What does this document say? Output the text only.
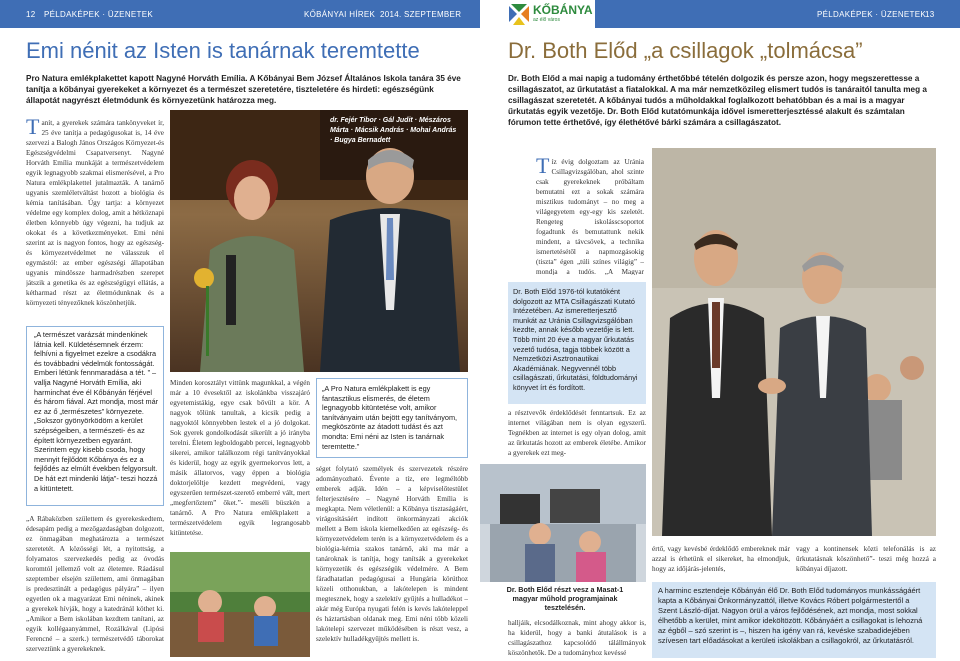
12 PÉLDAKÉPEK · ÜZENETEK	KŐBÁNYAI HÍREK 2014. SZEPTEMBER	KŐBÁNYA
az élő város
PÉLDAKÉPEK · ÜZENETEK 13
Emi nénit az Isten is tanárnak teremtette
Pro Natura emlékplakettet kapott Nagyné Horváth Emília. A Kőbányai Bem József Általános Iskola tanára 35 éve tanítja a kőbányai gyerekeket a környezet és a természet szeretetére, tiszteletére és hirdeti: egészségünk állapotát nagyrészt életmódunk és környezetünk határozza meg.
Tanít, a gyerekek számára tankönyveket ír, 25 éve tanítja a pedagógusokat is, 14 éve szervezi a Balogh János Országos Környezet-és Egészségvédelmi Csapatversenyt. Nagyné Horváth Emília munkáját a természetvédelem egyik legnagyobb szakmai elismerésével, a Pro Natura emlékplakettel jutalmazták. A tanárnő ugyanis szemléletváltást hozott a biológia és kémia tanításában. Úgy tartja: a környezet védelme egy komplex dolog, amit a hétköznapi életben könnyebb úgy végezni, ha tudjuk az okokat és a következményeket. Emi néni szerint az is nagyon fontos, hogy az egészség- és környezetvédelmet ne válasszuk el egymástól: az ember egészségi állapotában ugyanis mindössze harmadrészben szerepet játszik a genetika és az egészségügyi ellátás, a kétharmad részt az életmódunknak és a környezeti tényezőknek köszönhetjük.
„A természet varázsát mindenkinek látnia kell. Küldetésemnek érzem: felhívni a figyelmet ezekre a csodákra és továbbadni védelmük fontosságát. Emberi létünk fennmaradása a tét. ” – vallja Nagyné Horváth Emília, aki harminchat éve él Kőbányán férjével és három fiával. Azt mondja, most már ez az ő „természetes” környezete. „Sokszor gyönyörködöm a kerület szépségeiben, a természeti- és az épített környezetben egyaránt. Szerintem egy kisebb csoda, hogy mennyit fejlődött Kőbánya és ez a fejlődés az elmúlt években felgyorsult. De hát ezt mindenki látja”- teszi hozzá a kitüntetett.
„A Rábaközben születtem és gyerekeskedtem, édesapám pedig a mezőgazdaságban dolgozott, ez önmagában meghatározta a természet szeretetét. A közösségi lét, a nyitottság, a folyamatos szervezkedés pedig az óvodás koromtól jellemző volt az életemre. Ráadásul szeptember elsején születtem, ami önmagában is predesztinált a pedagógus pályára” – ilyen egyetlen ok a magyarázat Emi néninek, akinek a gyerekek hívják, hogy a katedránál köthet ki. „Amikor a Bem iskolában kezdtem tanítani, az egyik kollégaanyámmel, Rozálkával (Lipósi Ferencné – a szerk.) természetvédő táborokat szerveztünk a gyerekeknek.
dr. Fejér Tibor · Gál Judit · Mészáros Márta · Mácsik András · Mohai András · Bugya Bernadett
Minden korosztályt vittünk magunkkal, a végén már a 10 évesektől az iskolánkba visszajáró egyetemistákig, egye csak bővült a kör. A nagyok tőlünk tanultak, a kicsik pedig a nagyoktól könnyebben lestek el a jó dolgokat. Sok gyerek gondolkodását sikerült a jó irányba terelni. Életem legboldogabb percei, legnagyobb sikerei, amikor találkozom régi tanítványokkal és kiderül, hogy az egyik gyermekorvos lett, a másik állatorvos, vagy éppen a biológia doktorjelöltje kezdett megvédeni, vagy egyszerűen természet-szerető emberré vált, mert „megfertőztem” őket.”- meséli büszkén a tanárnő. A Pro Natura emlékplakett a természetvédelem egyik legrangosabb kitüntetése.
„A Pro Natura emlékplakett is egy fantasztikus elismerés, de életem legnagyobb kitüntetése volt, amikor tanítványaim után bejött egy tanítványom, megköszönte az átadott tudást és azt mondta: Emi néni az Isten is tanárnak teremtette.”
séget folytató személyek és szervezetek részére adományozható. Évente a tíz, ere legméltóbb emberek adják. Idén – a képviselőtestület felterjesztésére – Nagyné Horváth Emília is megkapta. Nem véletlenül: a Kőbánya tisztaságáért, virágosításáért indított önkormányzati akciók mellett a Bem iskola kiemelkedően az egészség- és környezetvédelem terén is a környezetvédelem és a biológia-kémia szakos tanárnő, aki ma már a tanároknak is tanítja, hogy tanítsák a gyerekeket környezetük és egészségük védelmére. A Bem fáradhatatlan pedagógusai a Hungária körúthoz közeli otthonukban, a lakótelepen is mindent megtesznek, hogy a szelektív gyűjtés a hulladékot – akár még Európa nyugati felén is kevés lakóteleppel és háztartásban oldanak meg. Emi néni több közeli lakótelepi szervezet működésében is részt vesz, a szelektív hulladékgyűjtés mellett is.
Dr. Both Előd „a csillagok „tolmácsa”
Dr. Both Előd a mai napig a tudomány érthetőbbé tételén dolgozik és persze azon, hogy megszerettesse a csillagászatot, az űrkutatást a fiatalokkal. A ma már nemzetközileg elismert tudós is tanáraitól tanulta meg a csillagászat szeretetét. A kőbányai tudós a műholdakkal foglalkozott behatóbban és a mai is a magyar űrkutatás egyik vezetője. Dr. Both Előd kutatómunkája idővel ismeretterjesztéssé alakult és számtalan fórumon tette érthetővé, így élethétővé bárki számára a csillagászatot.
Tíz évig dolgoztam az Uránia Csillagvizsgálóban, ahol szinte csak gyerekeknek próbáltam bemutatni ezt a sokak számára misztikus tudományt – no meg a világegyetem egy-egy kis szeletét. Rengeteg iskolásscsoportot fogadtunk és bemutattunk nekik mindent, a távcsövek, a technika ismertetésétől a napmozgásokig (tiszta” égen „túli színes világig” – mondja a tudós. „A Magyar
Dr. Both Előd 1976-tól kutatóként dolgozott az MTA Csillagászati Kutató Intézetében. Az ismeretterjesztő munkát az Uránia Csillagvizsgálóban kezdte, annak később vezetője is lett. Több mint 20 éve a magyar űrkutatás vezető tudósa, tagja többek között a Nemzetközi Asztronautikai Akadémiának. Negyvennél több csillagászati, űrkutatási, földtudományi könyvet írt és fordított.
a résztvevők érdeklődését fenntartsuk. Ez az internet világában nem is olyan egyszerű. Tegnékben az internet is egy olyan dolog, amit az űrkutatás hozott az emberek életébe. Amikor a gyerekek ezt meg-
Dr. Both Előd részt vesz a Masat-1 magyar műhold programjainak tesztelésén.
halljáik, elcsodálkoznak, mint ahogy akkor is, ha kiderül, hogy a banki átutalások is a csillagászathoz kapcsolódó tálállmányok köszönhetők. De a tudományhoz kevéssé
értő, vagy kevésbé érdeklődő embereknek már azzal is érhetünk el sikereket, ha elmondjuk, hogy az időjárás-jelentés,
vagy a kontinensek közti telefonálás is az űrkutatásnak köszönhető”- teszi még hozzá a kőbányai díjazott.
A harminc esztendeje Kőbányán élő Dr. Both Előd tudományos munkásságáért kapta a Kőbányai Önkormányzattól, illetve Kovács Róbert polgármestertől a Szent László-díjat. Nagyon örül a város fejlődésének, azt mondja, most sokkal élhetőbb a kerület, mint amikor ideköltözött. Kőbányáért a csillagokat is lehozná az égből – szó szerint is –, hiszen ha igény van rá, kevéske szabadidejében szívesen tart előadásokat a kerületi iskolákban a csillagokról, az űrkutatásról.
